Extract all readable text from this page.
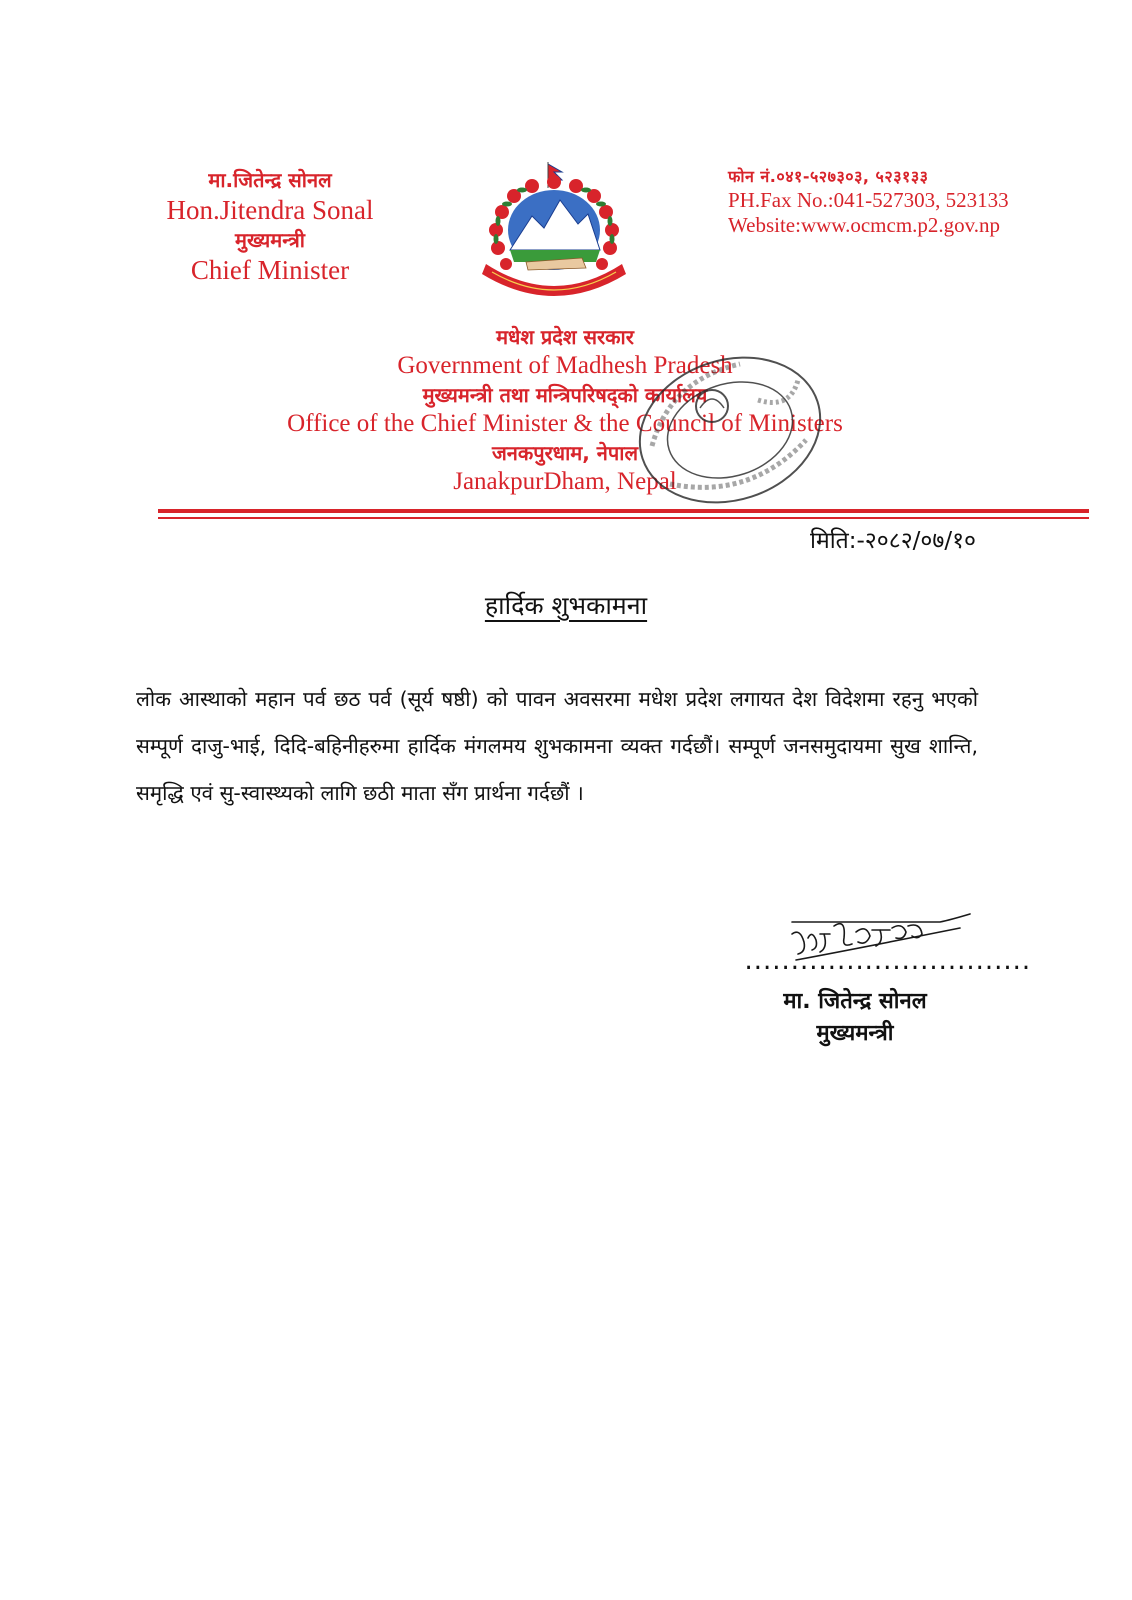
मा.जितेन्द्र सोनल
Hon.Jitendra Sonal
मुख्यमन्त्री
Chief Minister
फोन नं.०४१-५२७३०३, ५२३१३३
PH.Fax No.:041-527303, 523133
Website:www.ocmcm.p2.gov.np
मधेश प्रदेश सरकार
Government of Madhesh Pradesh
मुख्यमन्त्री तथा मन्त्रिपरिषद्को कार्यालय
Office of the Chief Minister & the Council of Ministers
जनकपुरधाम, नेपाल
JanakpurDham, Nepal
मिति:-२०८२/०७/१०
हार्दिक शुभकामना
लोक आस्थाको महान पर्व छठ पर्व (सूर्य षष्ठी) को पावन अवसरमा मधेश प्रदेश लगायत देश विदेशमा रहनु भएको सम्पूर्ण दाजु-भाई, दिदि-बहिनीहरुमा हार्दिक मंगलमय शुभकामना व्यक्त गर्दछौं। सम्पूर्ण जनसमुदायमा सुख शान्ति, समृद्धि एवं सु-स्वास्थ्यको लागि छठी माता सँग प्रार्थना गर्दछौं ।
...............................
मा. जितेन्द्र सोनल
मुख्यमन्त्री
